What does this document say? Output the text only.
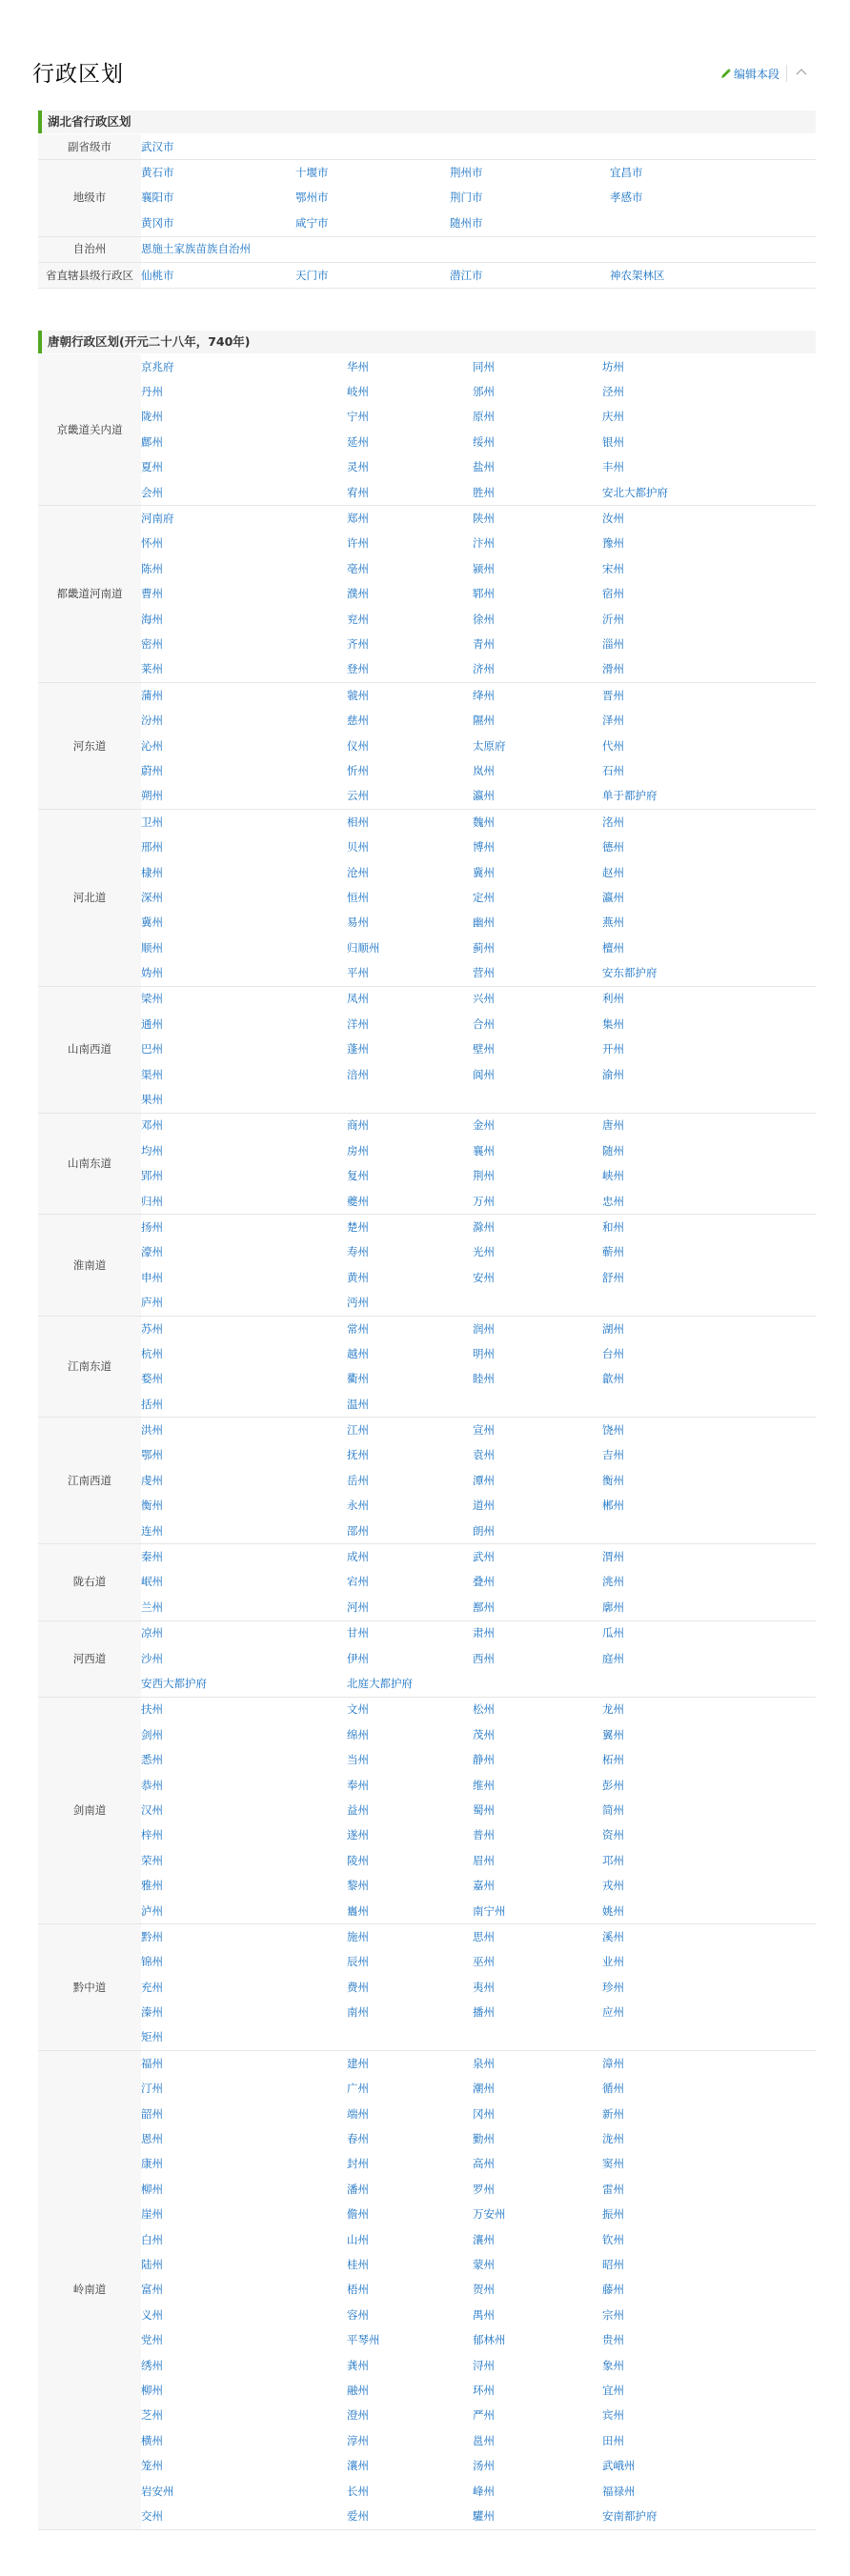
行政区划	编辑本段
湖北省行政区划
副省级市	武汉市			
地级市	黄石市	十堰市	荆州市	宜昌市
	襄阳市	鄂州市	荆门市	孝感市
	黄冈市	咸宁市	随州市	
自治州	恩施土家族苗族自治州			
省直辖县级行政区	仙桃市	天门市	潜江市	神农架林区
唐朝行政区划(开元二十八年，740年)
京畿道关内道	京兆府	华州	同州	坊州
	丹州	岐州	邠州	泾州
	陇州	宁州	原州	庆州
	鄜州	延州	绥州	银州
	夏州	灵州	盐州	丰州
	会州	宥州	胜州	安北大都护府
都畿道河南道	河南府	郑州	陕州	汝州
	怀州	许州	汴州	豫州
	陈州	亳州	颍州	宋州
	曹州	濮州	郓州	宿州
	海州	兖州	徐州	沂州
	密州	齐州	青州	淄州
	莱州	登州	济州	滑州
河东道	蒲州	虢州	绛州	晋州
	汾州	慈州	隰州	泽州
	沁州	仪州	太原府	代州
	蔚州	忻州	岚州	石州
	朔州	云州	瀛州	单于都护府
河北道	卫州	相州	魏州	洺州
	邢州	贝州	博州	德州
	棣州	沧州	冀州	赵州
	深州	恒州	定州	瀛州
	冀州	易州	幽州	燕州
	顺州	归顺州	蓟州	檀州
	妫州	平州	营州	安东都护府
山南西道	梁州	凤州	兴州	利州
	通州	洋州	合州	集州
	巴州	蓬州	壁州	开州
	渠州	涪州	阆州	渝州
	果州			
山南东道	邓州	商州	金州	唐州
	均州	房州	襄州	随州
	郢州	复州	荆州	峡州
	归州	夔州	万州	忠州
淮南道	扬州	楚州	滁州	和州
	濠州	寿州	光州	蕲州
	申州	黄州	安州	舒州
	庐州	沔州		
江南东道	苏州	常州	润州	湖州
	杭州	越州	明州	台州
	婺州	衢州	睦州	歙州
	括州	温州		
江南西道	洪州	江州	宣州	饶州
	鄂州	抚州	袁州	吉州
	虔州	岳州	潭州	衡州
	衡州	永州	道州	郴州
	连州	邵州	朗州	
陇右道	秦州	成州	武州	渭州
	岷州	宕州	叠州	洮州
	兰州	河州	鄯州	廓州
河西道	凉州	甘州	肃州	瓜州
	沙州	伊州	西州	庭州
	安西大都护府	北庭大都护府		
剑南道	扶州	文州	松州	龙州
	剑州	绵州	茂州	翼州
	悉州	当州	静州	柘州
	恭州	奉州	维州	彭州
	汉州	益州	蜀州	简州
	梓州	遂州	普州	资州
	荣州	陵州	眉州	邛州
	雅州	黎州	嘉州	戎州
	泸州	巂州	南宁州	姚州
黔中道	黔州	施州	思州	溪州
	锦州	辰州	巫州	业州
	充州	费州	夷州	珍州
	溱州	南州	播州	应州
	矩州			
岭南道	福州	建州	泉州	漳州
	汀州	广州	潮州	循州
	韶州	端州	冈州	新州
	恩州	春州	勤州	泷州
	康州	封州	高州	窦州
	柳州	潘州	罗州	雷州
	崖州	儋州	万安州	振州
	白州	山州	瀼州	钦州
	陆州	桂州	蒙州	昭州
	富州	梧州	贺州	藤州
	义州	容州	禺州	宗州
	党州	平琴州	郁林州	贵州
	绣州	龚州	浔州	象州
	柳州	融州	环州	宜州
	芝州	澄州	严州	宾州
	横州	淳州	邕州	田州
	笼州	瀼州	汤州	武峨州
	岩安州	长州	峰州	福禄州
	交州	爱州	驩州	安南都护府
